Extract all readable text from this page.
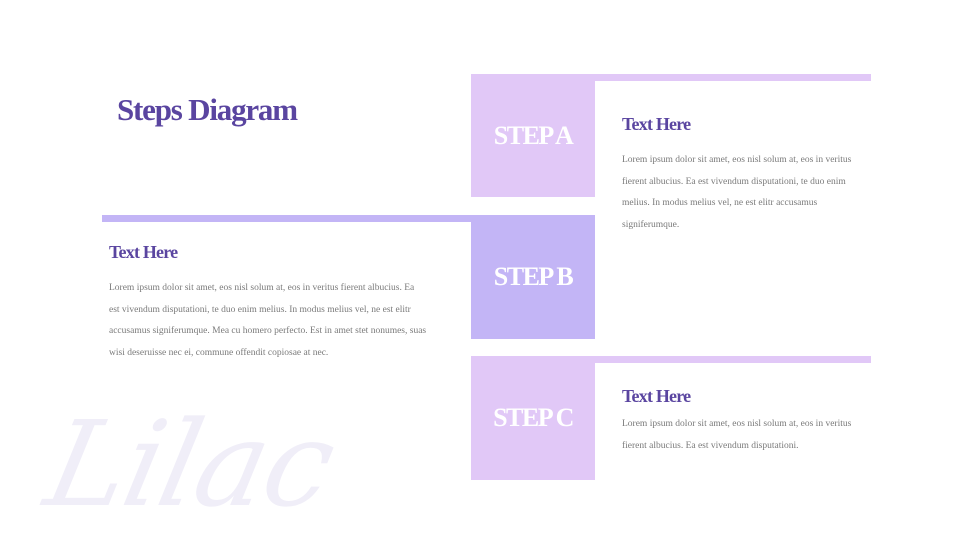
Lilac
Steps Diagram
STEP A	Text Here
Lorem ipsum dolor sit amet, eos nisl solum at, eos in veritus fierent albucius. Ea est vivendum disputationi, te duo enim melius. In modus melius vel, ne est elitr accusamus signiferumque.
STEP B
Text Here
Lorem ipsum dolor sit amet, eos nisl solum at, eos in veritus fierent albucius. Ea est vivendum disputationi, te duo enim melius. In modus melius vel, ne est elitr accusamus signiferumque. Mea cu homero perfecto. Est in amet stet nonumes, suas wisi deseruisse nec ei, commune offendit copiosae at nec.
STEP C
Text Here
Lorem ipsum dolor sit amet, eos nisl solum at, eos in veritus fierent albucius. Ea est vivendum disputationi.
